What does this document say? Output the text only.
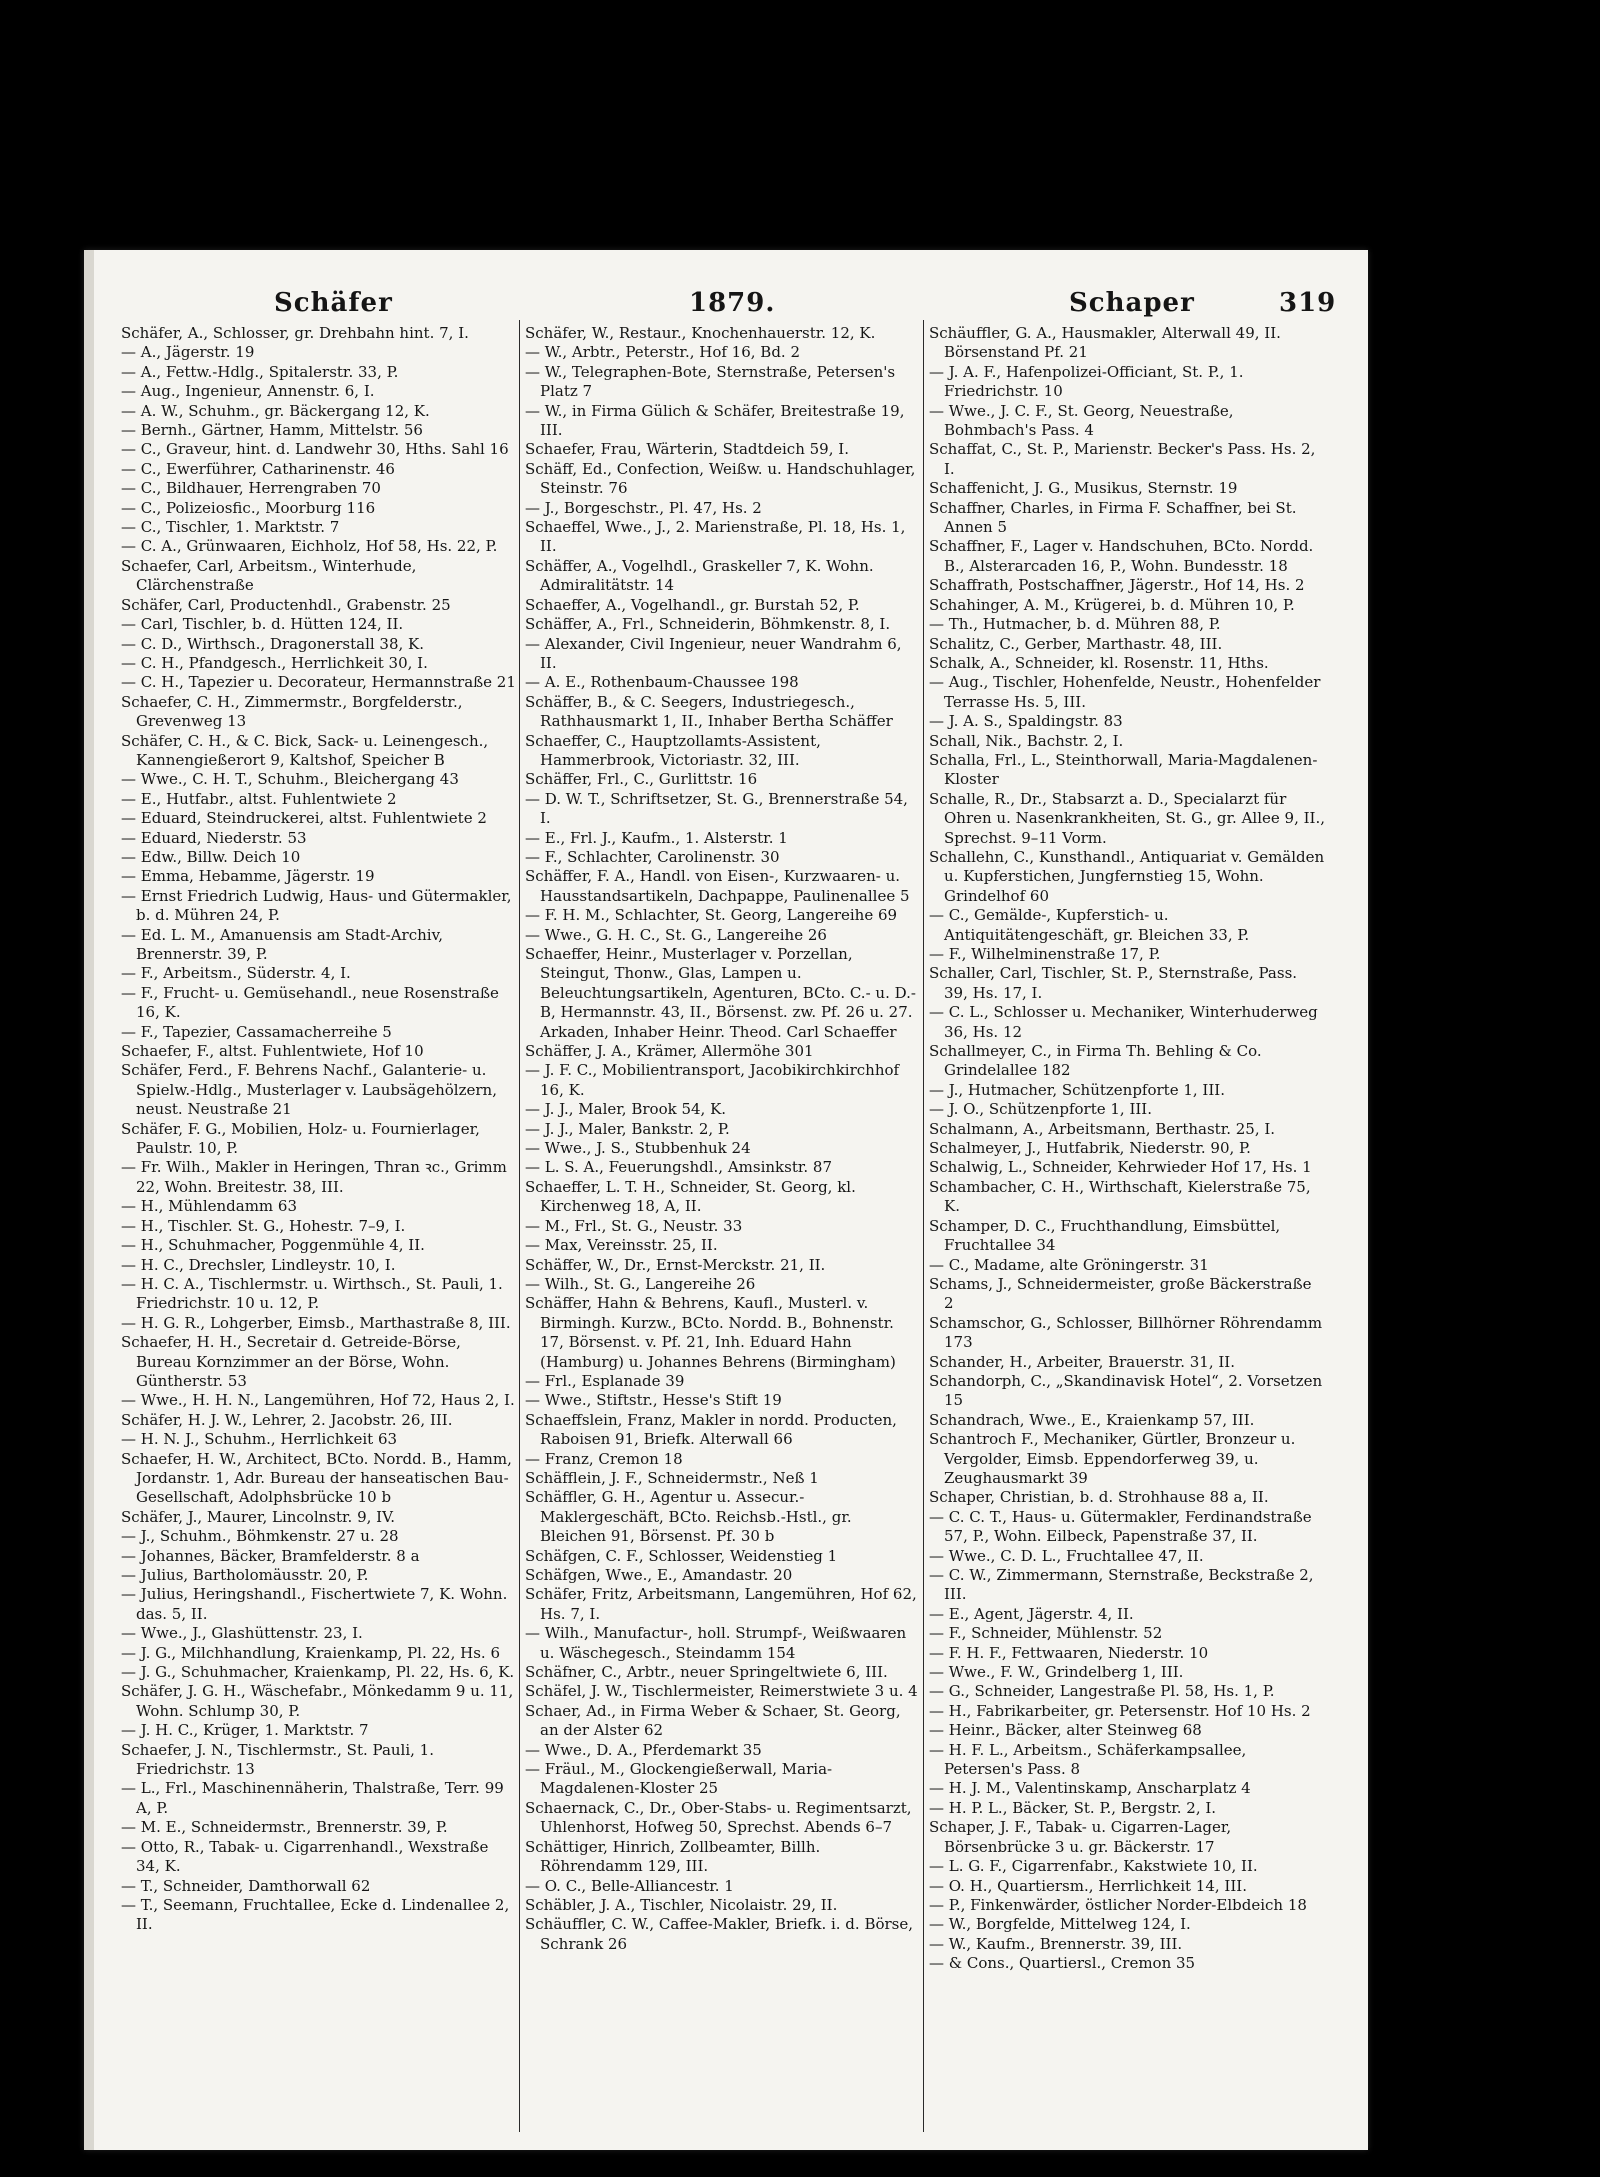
Schäfer	1879.	Schaper	319

Schäfer, A., Schlosser, gr. Drehbahn hint. 7, I.

— A., Jägerstr. 19

— A., Fettw.-Hdlg., Spitalerstr. 33, P.

— Aug., Ingenieur, Annenstr. 6, I.

— A. W., Schuhm., gr. Bäckergang 12, K.

— Bernh., Gärtner, Hamm, Mittelstr. 56

— C., Graveur, hint. d. Landwehr 30, Hths. Sahl 16

— C., Ewerführer, Catharinenstr. 46

— C., Bildhauer, Herrengraben 70

— C., Polizeiosfic., Moorburg 116

— C., Tischler, 1. Marktstr. 7

— C. A., Grünwaaren, Eichholz, Hof 58, Hs. 22, P.

Schaefer, Carl, Arbeitsm., Winterhude, Clärchenstraße

Schäfer, Carl, Productenhdl., Grabenstr. 25

— Carl, Tischler, b. d. Hütten 124, II.

— C. D., Wirthsch., Dragonerstall 38, K.

— C. H., Pfandgesch., Herrlichkeit 30, I.

— C. H., Tapezier u. Decorateur, Hermannstraße 21

Schaefer, C. H., Zimmermstr., Borgfelderstr., Grevenweg 13

Schäfer, C. H., & C. Bick, Sack- u. Leinengesch., Kannengießerort 9, Kaltshof, Speicher B

— Wwe., C. H. T., Schuhm., Bleichergang 43

— E., Hutfabr., altst. Fuhlentwiete 2

— Eduard, Steindruckerei, altst. Fuhlentwiete 2

— Eduard, Niederstr. 53

— Edw., Billw. Deich 10

— Emma, Hebamme, Jägerstr. 19

— Ernst Friedrich Ludwig, Haus- und Gütermakler, b. d. Mühren 24, P.

— Ed. L. M., Amanuensis am Stadt-Archiv, Brennerstr. 39, P.

— F., Arbeitsm., Süderstr. 4, I.

— F., Frucht- u. Gemüsehandl., neue Rosenstraße 16, K.

— F., Tapezier, Cassamacherreihe 5

Schaefer, F., altst. Fuhlentwiete, Hof 10

Schäfer, Ferd., F. Behrens Nachf., Galanterie- u. Spielw.-Hdlg., Musterlager v. Laubsägehölzern, neust. Neustraße 21

Schäfer, F. G., Mobilien, Holz- u. Fournierlager, Paulstr. 10, P.

— Fr. Wilh., Makler in Heringen, Thran ꝛc., Grimm 22, Wohn. Breitestr. 38, III.

— H., Mühlendamm 63

— H., Tischler. St. G., Hohestr. 7–9, I.

— H., Schuhmacher, Poggenmühle 4, II.

— H. C., Drechsler, Lindleystr. 10, I.

— H. C. A., Tischlermstr. u. Wirthsch., St. Pauli, 1. Friedrichstr. 10 u. 12, P.

— H. G. R., Lohgerber, Eimsb., Marthastraße 8, III.

Schaefer, H. H., Secretair d. Getreide-Börse, Bureau Kornzimmer an der Börse, Wohn. Güntherstr. 53

— Wwe., H. H. N., Langemühren, Hof 72, Haus 2, I.

Schäfer, H. J. W., Lehrer, 2. Jacobstr. 26, III.

— H. N. J., Schuhm., Herrlichkeit 63

Schaefer, H. W., Architect, BCto. Nordd. B., Hamm, Jordanstr. 1, Adr. Bureau der hanseatischen Bau-Gesellschaft, Adolphsbrücke 10 b

Schäfer, J., Maurer, Lincolnstr. 9, IV.

— J., Schuhm., Böhmkenstr. 27 u. 28

— Johannes, Bäcker, Bramfelderstr. 8 a

— Julius, Bartholomäusstr. 20, P.

— Julius, Heringshandl., Fischertwiete 7, K. Wohn. das. 5, II.

— Wwe., J., Glashüttenstr. 23, I.

— J. G., Milchhandlung, Kraienkamp, Pl. 22, Hs. 6

— J. G., Schuhmacher, Kraienkamp, Pl. 22, Hs. 6, K.

Schäfer, J. G. H., Wäschefabr., Mönkedamm 9 u. 11, Wohn. Schlump 30, P.

— J. H. C., Krüger, 1. Marktstr. 7

Schaefer, J. N., Tischlermstr., St. Pauli, 1. Friedrichstr. 13

— L., Frl., Maschinennäherin, Thalstraße, Terr. 99 A, P.

— M. E., Schneidermstr., Brennerstr. 39, P.

— Otto, R., Tabak- u. Cigarrenhandl., Wexstraße 34, K.

— T., Schneider, Damthorwall 62

— T., Seemann, Fruchtallee, Ecke d. Lindenallee 2, II.

Schäfer, W., Restaur., Knochenhauerstr. 12, K.

— W., Arbtr., Peterstr., Hof 16, Bd. 2

— W., Telegraphen-Bote, Sternstraße, Petersen's Platz 7

— W., in Firma Gülich & Schäfer, Breitestraße 19, III.

Schaefer, Frau, Wärterin, Stadtdeich 59, I.

Schäff, Ed., Confection, Weißw. u. Handschuhlager, Steinstr. 76

— J., Borgeschstr., Pl. 47, Hs. 2

Schaeffel, Wwe., J., 2. Marienstraße, Pl. 18, Hs. 1, II.

Schäffer, A., Vogelhdl., Graskeller 7, K. Wohn. Admiralitätstr. 14

Schaeffer, A., Vogelhandl., gr. Burstah 52, P.

Schäffer, A., Frl., Schneiderin, Böhmkenstr. 8, I.

— Alexander, Civil Ingenieur, neuer Wandrahm 6, II.

— A. E., Rothenbaum-Chaussee 198

Schäffer, B., & C. Seegers, Industriegesch., Rathhausmarkt 1, II., Inhaber Bertha Schäffer

Schaeffer, C., Hauptzollamts-Assistent, Hammerbrook, Victoriastr. 32, III.

Schäffer, Frl., C., Gurlittstr. 16

— D. W. T., Schriftsetzer, St. G., Brennerstraße 54, I.

— E., Frl. J., Kaufm., 1. Alsterstr. 1

— F., Schlachter, Carolinenstr. 30

Schäffer, F. A., Handl. von Eisen-, Kurzwaaren- u. Hausstandsartikeln, Dachpappe, Paulinenallee 5

— F. H. M., Schlachter, St. Georg, Langereihe 69

— Wwe., G. H. C., St. G., Langereihe 26

Schaeffer, Heinr., Musterlager v. Porzellan, Steingut, Thonw., Glas, Lampen u. Beleuchtungsartikeln, Agenturen, BCto. C.- u. D.-B, Hermannstr. 43, II., Börsenst. zw. Pf. 26 u. 27. Arkaden, Inhaber Heinr. Theod. Carl Schaeffer

Schäffer, J. A., Krämer, Allermöhe 301

— J. F. C., Mobilientransport, Jacobikirchkirchhof 16, K.

— J. J., Maler, Brook 54, K.

— J. J., Maler, Bankstr. 2, P.

— Wwe., J. S., Stubbenhuk 24

— L. S. A., Feuerungshdl., Amsinkstr. 87

Schaeffer, L. T. H., Schneider, St. Georg, kl. Kirchenweg 18, A, II.

— M., Frl., St. G., Neustr. 33

— Max, Vereinsstr. 25, II.

Schäffer, W., Dr., Ernst-Merckstr. 21, II.

— Wilh., St. G., Langereihe 26

Schäffer, Hahn & Behrens, Kaufl., Musterl. v. Birmingh. Kurzw., BCto. Nordd. B., Bohnenstr. 17, Börsenst. v. Pf. 21, Inh. Eduard Hahn (Hamburg) u. Johannes Behrens (Birmingham)

— Frl., Esplanade 39

— Wwe., Stiftstr., Hesse's Stift 19

Schaeffslein, Franz, Makler in nordd. Producten, Raboisen 91, Briefk. Alterwall 66

— Franz, Cremon 18

Schäfflein, J. F., Schneidermstr., Neß 1

Schäffler, G. H., Agentur u. Assecur.-Maklergeschäft, BCto. Reichsb.-Hstl., gr. Bleichen 91, Börsenst. Pf. 30 b

Schäfgen, C. F., Schlosser, Weidenstieg 1

Schäfgen, Wwe., E., Amandastr. 20

Schäfer, Fritz, Arbeitsmann, Langemühren, Hof 62, Hs. 7, I.

— Wilh., Manufactur-, holl. Strumpf-, Weißwaaren u. Wäschegesch., Steindamm 154

Schäfner, C., Arbtr., neuer Springeltwiete 6, III.

Schäfel, J. W., Tischlermeister, Reimerstwiete 3 u. 4

Schaer, Ad., in Firma Weber & Schaer, St. Georg, an der Alster 62

— Wwe., D. A., Pferdemarkt 35

— Fräul., M., Glockengießerwall, Maria-Magdalenen-Kloster 25

Schaernack, C., Dr., Ober-Stabs- u. Regimentsarzt, Uhlenhorst, Hofweg 50, Sprechst. Abends 6–7

Schättiger, Hinrich, Zollbeamter, Billh. Röhrendamm 129, III.

— O. C., Belle-Alliancestr. 1

Schäbler, J. A., Tischler, Nicolaistr. 29, II.

Schäuffler, C. W., Caffee-Makler, Briefk. i. d. Börse, Schrank 26

Schäuffler, G. A., Hausmakler, Alterwall 49, II. Börsenstand Pf. 21

— J. A. F., Hafenpolizei-Officiant, St. P., 1. Friedrichstr. 10

— Wwe., J. C. F., St. Georg, Neuestraße, Bohmbach's Pass. 4

Schaffat, C., St. P., Marienstr. Becker's Pass. Hs. 2, I.

Schaffenicht, J. G., Musikus, Sternstr. 19

Schaffner, Charles, in Firma F. Schaffner, bei St. Annen 5

Schaffner, F., Lager v. Handschuhen, BCto. Nordd. B., Alsterarcaden 16, P., Wohn. Bundesstr. 18

Schaffrath, Postschaffner, Jägerstr., Hof 14, Hs. 2

Schahinger, A. M., Krügerei, b. d. Mühren 10, P.

— Th., Hutmacher, b. d. Mühren 88, P.

Schalitz, C., Gerber, Marthastr. 48, III.

Schalk, A., Schneider, kl. Rosenstr. 11, Hths.

— Aug., Tischler, Hohenfelde, Neustr., Hohenfelder Terrasse Hs. 5, III.

— J. A. S., Spaldingstr. 83

Schall, Nik., Bachstr. 2, I.

Schalla, Frl., L., Steinthorwall, Maria-Magdalenen-Kloster

Schalle, R., Dr., Stabsarzt a. D., Specialarzt für Ohren u. Nasenkrankheiten, St. G., gr. Allee 9, II., Sprechst. 9–11 Vorm.

Schallehn, C., Kunsthandl., Antiquariat v. Gemälden u. Kupferstichen, Jungfernstieg 15, Wohn. Grindelhof 60

— C., Gemälde-, Kupferstich- u. Antiquitätengeschäft, gr. Bleichen 33, P.

— F., Wilhelminenstraße 17, P.

Schaller, Carl, Tischler, St. P., Sternstraße, Pass. 39, Hs. 17, I.

— C. L., Schlosser u. Mechaniker, Winterhuderweg 36, Hs. 12

Schallmeyer, C., in Firma Th. Behling & Co. Grindelallee 182

— J., Hutmacher, Schützenpforte 1, III.

— J. O., Schützenpforte 1, III.

Schalmann, A., Arbeitsmann, Berthastr. 25, I.

Schalmeyer, J., Hutfabrik, Niederstr. 90, P.

Schalwig, L., Schneider, Kehrwieder Hof 17, Hs. 1

Schambacher, C. H., Wirthschaft, Kielerstraße 75, K.

Schamper, D. C., Fruchthandlung, Eimsbüttel, Fruchtallee 34

— C., Madame, alte Gröningerstr. 31

Schams, J., Schneidermeister, große Bäckerstraße 2

Schamschor, G., Schlosser, Billhörner Röhrendamm 173

Schander, H., Arbeiter, Brauerstr. 31, II.

Schandorph, C., „Skandinavisk Hotel“, 2. Vorsetzen 15

Schandrach, Wwe., E., Kraienkamp 57, III.

Schantroch F., Mechaniker, Gürtler, Bronzeur u. Vergolder, Eimsb. Eppendorferweg 39, u. Zeughausmarkt 39

Schaper, Christian, b. d. Strohhause 88 a, II.

— C. C. T., Haus- u. Gütermakler, Ferdinandstraße 57, P., Wohn. Eilbeck, Papenstraße 37, II.

— Wwe., C. D. L., Fruchtallee 47, II.

— C. W., Zimmermann, Sternstraße, Beckstraße 2, III.

— E., Agent, Jägerstr. 4, II.

— F., Schneider, Mühlenstr. 52

— F. H. F., Fettwaaren, Niederstr. 10

— Wwe., F. W., Grindelberg 1, III.

— G., Schneider, Langestraße Pl. 58, Hs. 1, P.

— H., Fabrikarbeiter, gr. Petersenstr. Hof 10 Hs. 2

— Heinr., Bäcker, alter Steinweg 68

— H. F. L., Arbeitsm., Schäferkampsallee, Petersen's Pass. 8

— H. J. M., Valentinskamp, Anscharplatz 4

— H. P. L., Bäcker, St. P., Bergstr. 2, I.

Schaper, J. F., Tabak- u. Cigarren-Lager, Börsenbrücke 3 u. gr. Bäckerstr. 17

— L. G. F., Cigarrenfabr., Kakstwiete 10, II.

— O. H., Quartiersm., Herrlichkeit 14, III.

— P., Finkenwärder, östlicher Norder-Elbdeich 18

— W., Borgfelde, Mittelweg 124, I.

— W., Kaufm., Brennerstr. 39, III.

— & Cons., Quartiersl., Cremon 35
